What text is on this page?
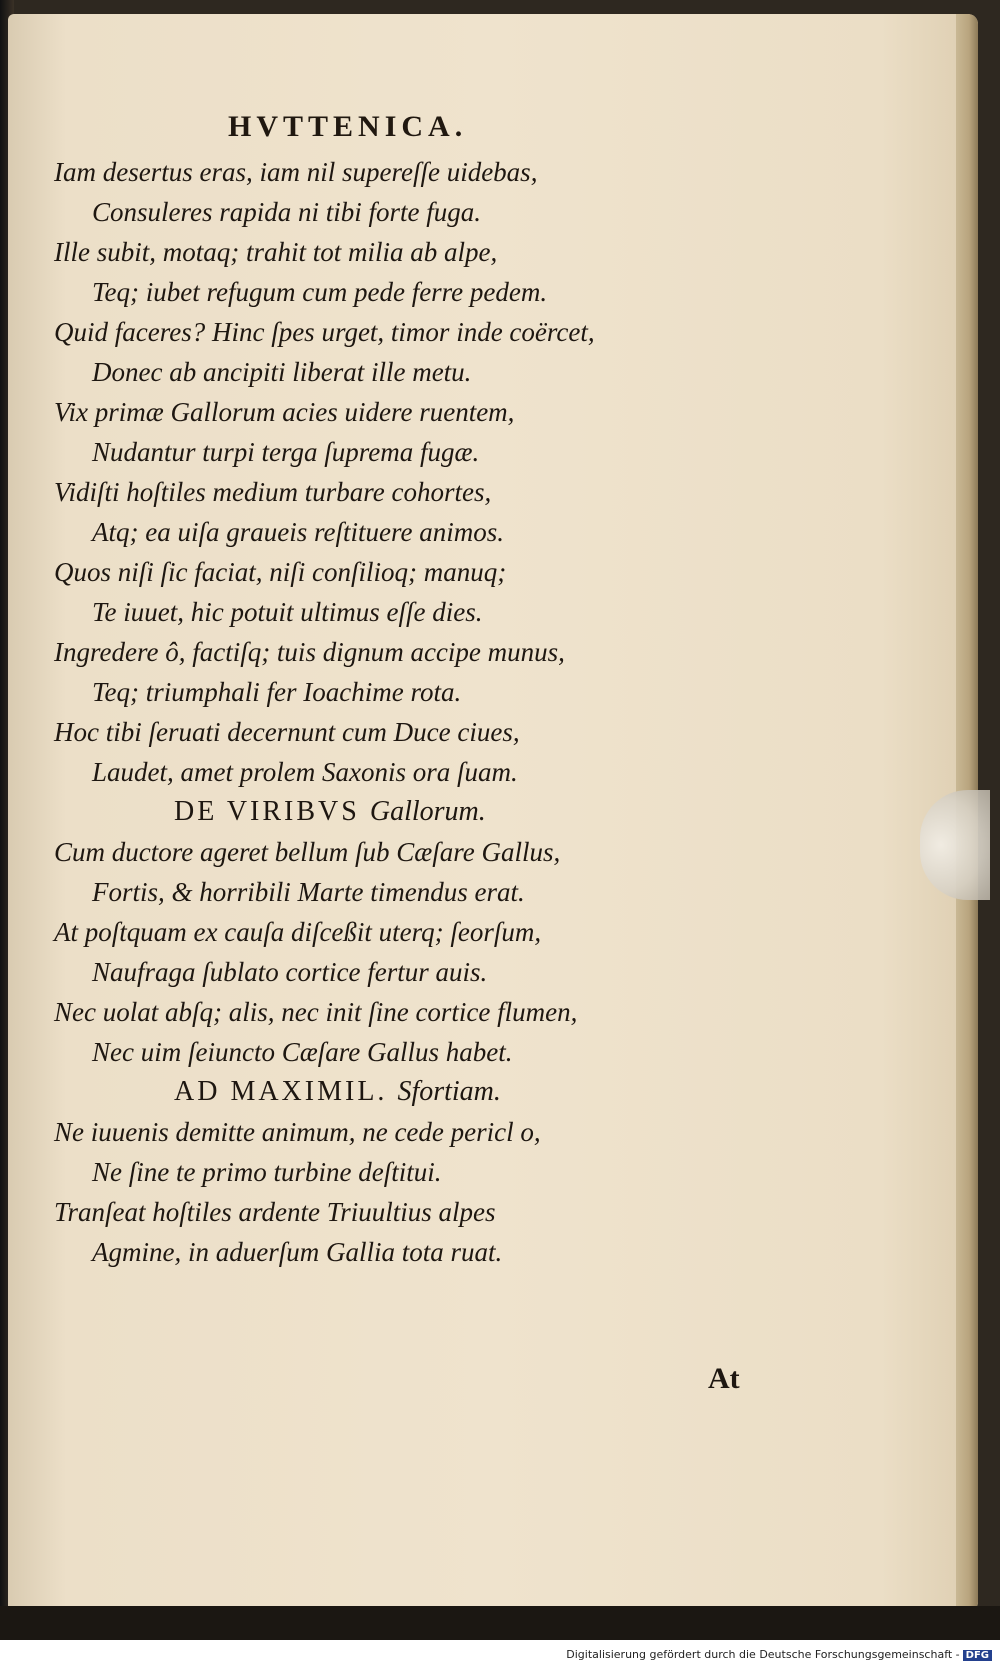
HVTTENICA.
Iam desertus eras, iam nil supereſſe uidebas,
Consuleres rapida ni tibi forte fuga.
Ille subit, motaq; trahit tot milia ab alpe,
Teq; iubet refugum cum pede ferre pedem.
Quid faceres? Hinc ſpes urget, timor inde coërcet,
Donec ab ancipiti liberat ille metu.
Vix primæ Gallorum acies uidere ruentem,
Nudantur turpi terga ſuprema fugæ.
Vidiſti hoſtiles medium turbare cohortes,
Atq; ea uiſa graueis reſtituere animos.
Quos niſi ſic faciat, niſi conſilioq; manuq;
Te iuuet, hic potuit ultimus eſſe dies.
Ingredere ô, factiſq; tuis dignum accipe munus,
Teq; triumphali fer Ioachime rota.
Hoc tibi ſeruati decernunt cum Duce ciues,
Laudet, amet prolem Saxonis ora ſuam.
DE VIRIBVS Gallorum.
Cum ductore ageret bellum ſub Cæſare Gallus,
Fortis, & horribili Marte timendus erat.
At poſtquam ex cauſa diſceßit uterq; ſeorſum,
Naufraga ſublato cortice fertur auis.
Nec uolat abſq; alis, nec init ſine cortice flumen,
Nec uim ſeiuncto Cæſare Gallus habet.
AD MAXIMIL. Sfortiam.
Ne iuuenis demitte animum, ne cede pericl o,
Ne ſine te primo turbine deſtitui.
Tranſeat hoſtiles ardente Triuultius alpes
Agmine, in aduerſum Gallia tota ruat.
At
Digitalisierung gefördert durch die Deutsche Forschungsgemeinschaft - DFG
